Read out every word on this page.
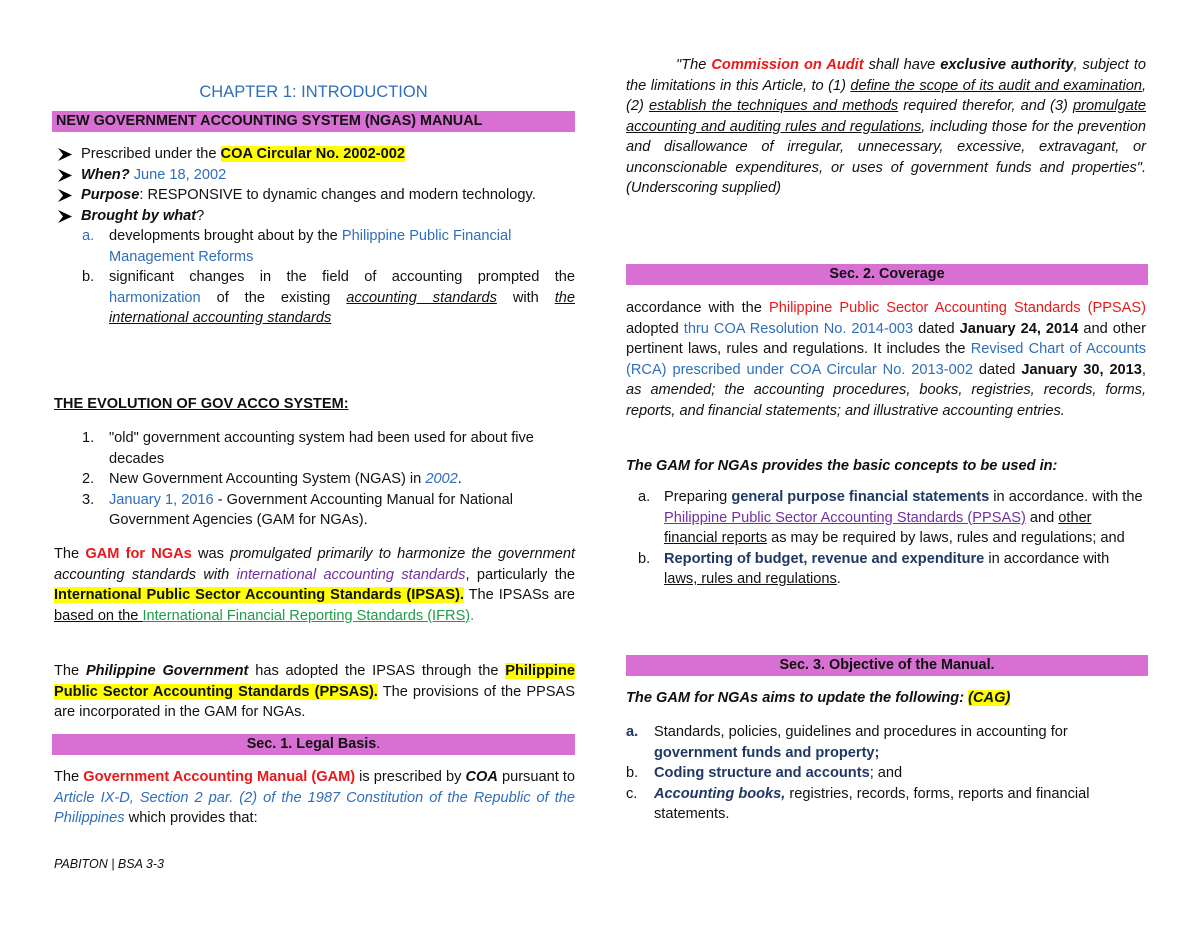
CHAPTER 1: INTRODUCTION
NEW GOVERNMENT ACCOUNTING SYSTEM (NGAS) MANUAL
Prescribed under the COA Circular No. 2002-002
When? June 18, 2002
Purpose: RESPONSIVE to dynamic changes and modern technology.
Brought by what?
a. developments brought about by the Philippine Public Financial Management Reforms
b. significant changes in the field of accounting prompted the harmonization of the existing accounting standards with the international accounting standards
THE EVOLUTION OF GOV ACCO SYSTEM:
1. "old" government accounting system had been used for about five decades
2. New Government Accounting System (NGAS) in 2002.
3. January 1, 2016 - Government Accounting Manual for National Government Agencies (GAM for NGAs).
The GAM for NGAs was promulgated primarily to harmonize the government accounting standards with international accounting standards, particularly the International Public Sector Accounting Standards (IPSAS). The IPSASs are based on the International Financial Reporting Standards (IFRS).
The Philippine Government has adopted the IPSAS through the Philippine Public Sector Accounting Standards (PPSAS). The provisions of the PPSAS are incorporated in the GAM for NGAs.
Sec. 1. Legal Basis.
The Government Accounting Manual (GAM) is prescribed by COA pursuant to Article IX-D, Section 2 par. (2) of the 1987 Constitution of the Republic of the Philippines which provides that:
PABITON | BSA 3-3
"The Commission on Audit shall have exclusive authority, subject to the limitations in this Article, to (1) define the scope of its audit and examination, (2) establish the techniques and methods required therefor, and (3) promulgate accounting and auditing rules and regulations, including those for the prevention and disallowance of irregular, unnecessary, excessive, extravagant, or unconscionable expenditures, or uses of government funds and properties". (Underscoring supplied)
Sec. 2. Coverage
accordance with the Philippine Public Sector Accounting Standards (PPSAS) adopted thru COA Resolution No. 2014-003 dated January 24, 2014 and other pertinent laws, rules and regulations. It includes the Revised Chart of Accounts (RCA) prescribed under COA Circular No. 2013-002 dated January 30, 2013, as amended; the accounting procedures, books, registries, records, forms, reports, and financial statements; and illustrative accounting entries.
The GAM for NGAs provides the basic concepts to be used in:
a. Preparing general purpose financial statements in accordance. with the Philippine Public Sector Accounting Standards (PPSAS) and other financial reports as may be required by laws, rules and regulations; and
b. Reporting of budget, revenue and expenditure in accordance with laws, rules and regulations.
Sec. 3. Objective of the Manual.
The GAM for NGAs aims to update the following: (CAG)
a. Standards, policies, guidelines and procedures in accounting for government funds and property;
b. Coding structure and accounts; and
c. Accounting books, registries, records, forms, reports and financial statements.
